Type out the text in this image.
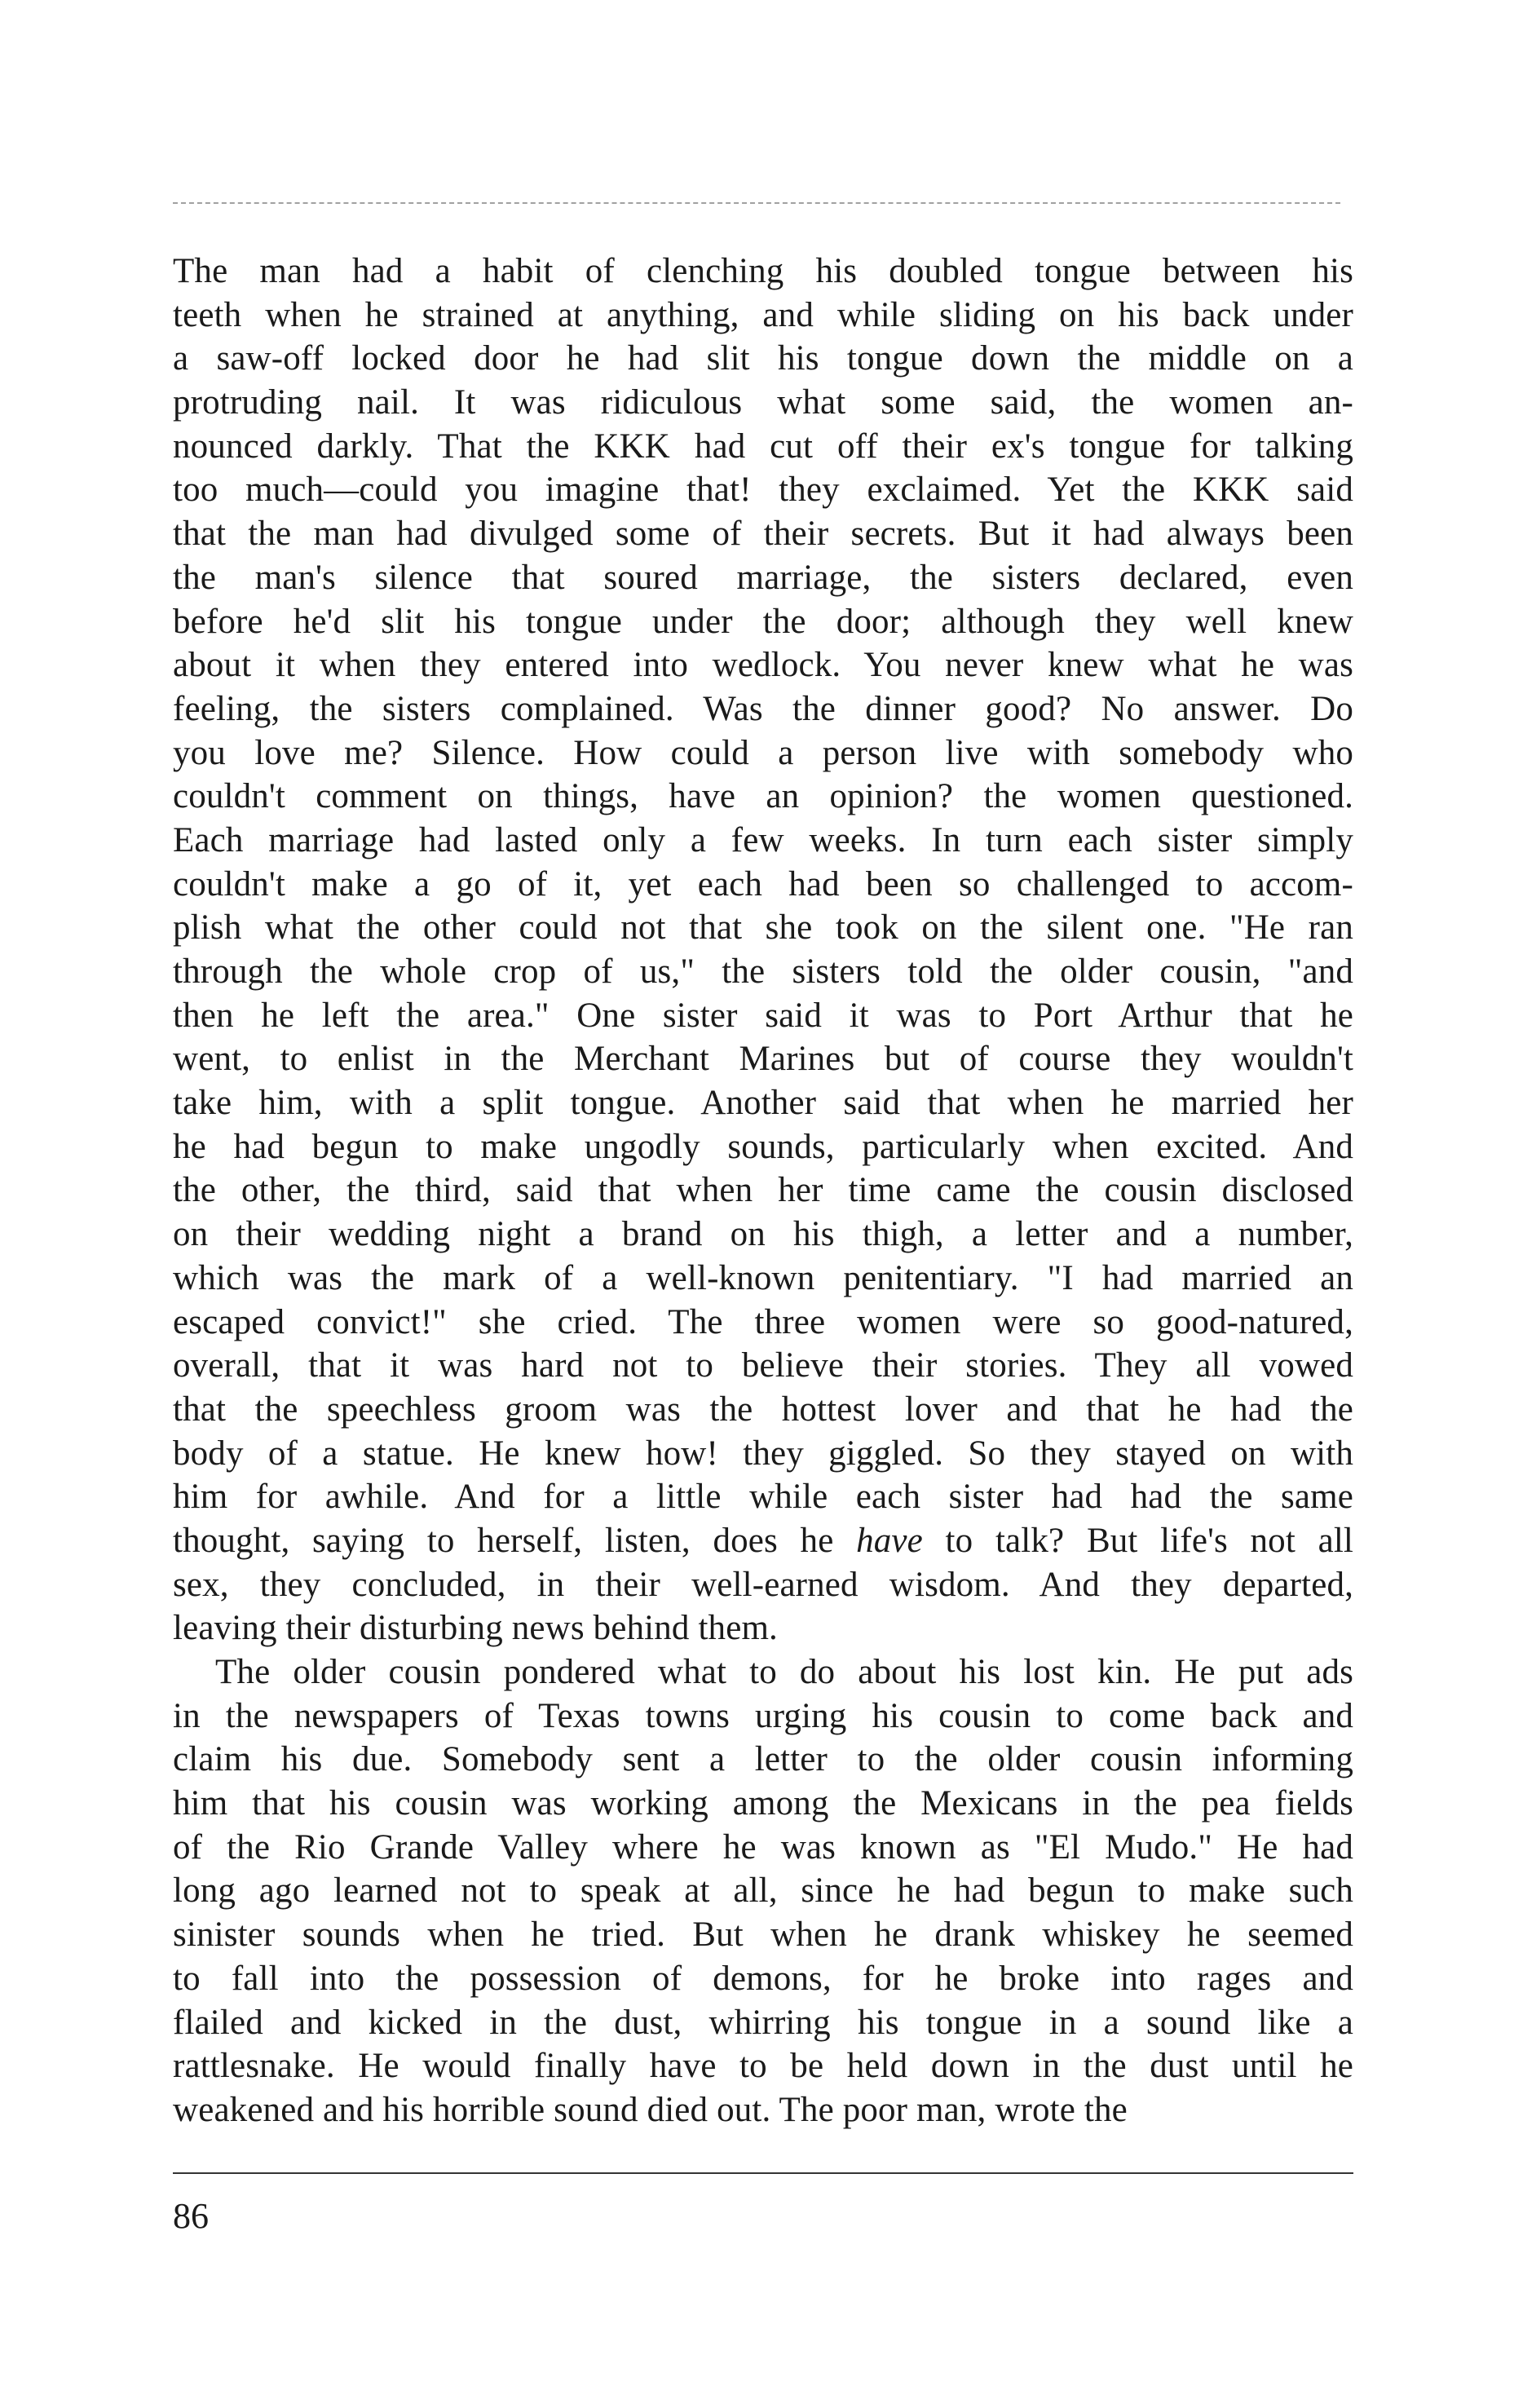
The man had a habit of clenching his doubled tongue between his
teeth when he strained at anything, and while sliding on his back under
a saw-off locked door he had slit his tongue down the middle on a
protruding nail. It was ridiculous what some said, the women an-
nounced darkly. That the KKK had cut off their ex's tongue for talking
too much—could you imagine that! they exclaimed. Yet the KKK said
that the man had divulged some of their secrets. But it had always been
the man's silence that soured marriage, the sisters declared, even
before he'd slit his tongue under the door; although they well knew
about it when they entered into wedlock. You never knew what he was
feeling, the sisters complained. Was the dinner good? No answer. Do
you love me? Silence. How could a person live with somebody who
couldn't comment on things, have an opinion? the women questioned.
Each marriage had lasted only a few weeks. In turn each sister simply
couldn't make a go of it, yet each had been so challenged to accom-
plish what the other could not that she took on the silent one. "He ran
through the whole crop of us," the sisters told the older cousin, "and
then he left the area." One sister said it was to Port Arthur that he
went, to enlist in the Merchant Marines but of course they wouldn't
take him, with a split tongue. Another said that when he married her
he had begun to make ungodly sounds, particularly when excited. And
the other, the third, said that when her time came the cousin disclosed
on their wedding night a brand on his thigh, a letter and a number,
which was the mark of a well-known penitentiary. "I had married an
escaped convict!" she cried. The three women were so good-natured,
overall, that it was hard not to believe their stories. They all vowed
that the speechless groom was the hottest lover and that he had the
body of a statue. He knew how! they giggled. So they stayed on with
him for awhile. And for a little while each sister had had the same
thought, saying to herself, listen, does he have to talk? But life's not all
sex, they concluded, in their well-earned wisdom. And they departed,
leaving their disturbing news behind them.
The older cousin pondered what to do about his lost kin. He put ads
in the newspapers of Texas towns urging his cousin to come back and
claim his due. Somebody sent a letter to the older cousin informing
him that his cousin was working among the Mexicans in the pea fields
of the Rio Grande Valley where he was known as "El Mudo." He had
long ago learned not to speak at all, since he had begun to make such
sinister sounds when he tried. But when he drank whiskey he seemed
to fall into the possession of demons, for he broke into rages and
flailed and kicked in the dust, whirring his tongue in a sound like a
rattlesnake. He would finally have to be held down in the dust until he
weakened and his horrible sound died out. The poor man, wrote the
86
